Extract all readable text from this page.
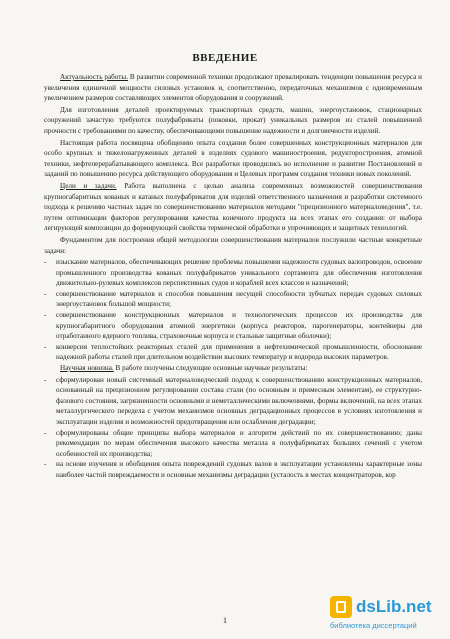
ВВЕДЕНИЕ

Актуальность работы. В развитии современной техники продолжают превалировать тенденции повышения ресурса и увеличения единичной мощности силовых установок и, соответственно, передаточных механизмов с одновременным увеличением размеров составляющих элементов оборудования и сооружений.

Для изготовления деталей проектируемых транспортных средств, машин, энергоустановок, стационарных сооружений зачастую требуются полуфабрикаты (поковки, прокат) уникальных размеров из сталей повышенной прочности с требованиями по качеству, обеспечивающими повышение надежности и долговечности изделий.

Настоящая работа посвящена обобщению опыта создания более совершенных конструкционных материалов для особо крупных и тяжелонагруженных деталей в изделиях судового машиностроения, редукторостроения, атомной техники, нефтеперерабатывающего комплекса. Все разработки проводились во исполнение и развитие Постановлений и заданий по повышению ресурса действующего оборудования и Целевых программ создания техники новых поколений.

Цели и задачи. Работа выполнена с целью анализа современных возможностей совершенствования крупногабаритных кованых и катаных полуфабрикатов для изделий ответственного назначения и разработки системного подхода к решению частных задач по совершенствованию материалов методами "прецизионного материаловедения", т.е. путем оптимизации факторов регулирования качества конечного продукта на всех этапах его создания: от выбора легирующей композиции до формирующей свойства термической обработки и упрочняющих и защитных технологий.

Фундаментом для построения общей методологии совершенствования материалов послужили частные конкретные задачи:

- изыскание материалов, обеспечивающих решение проблемы повышения надежности судовых валопроводов, освоение промышленного производства кованых полуфабрикатов уникального сортамента для обеспечения изготовления движительно-рулевых комплексов перспективных судов и кораблей всех классов и назначений;
- совершенствование материалов и способов повышения несущей способности зубчатых передач судовых силовых энергоустановок большой мощности;
- совершенствование конструкционных материалов и технологических процессов их производства для крупногабаритного оборудования атомной энергетики (корпуса реакторов, парогенераторы, контейнеры для отработанного ядерного топлива, страховочные корпуса и стальные защитные оболочки);
- конверсия теплостойких реакторных сталей для применения в нефтехимической промышленности, обоснование надежной работы сталей при длительном воздействии высоких температур и водорода высоких параметров.

Научная новизна. В работе получены следующие основные научные результаты:

- сформулирован новый системный материаловедческий подход к совершенствованию конструкционных материалов, основанный на прецизионном регулировании состава стали (по основным и примесным элементам), ее структурно-фазового состояния, загрязненности основными и неметаллическими включениями, формы включений, на всех этапах металлургического передела с учетом механизмов основных деградационных процессов в условиях изготовления и эксплуатации изделия и возможностей предотвращения или ослабления деградации;
- сформулированы общие принципы выбора материалов и алгоритм действий по их совершенствованию; даны рекомендации по мерам обеспечения высокого качества металла в полуфабрикатах больших сечений с учетом особенностей их производства;
- на основе изучения и обобщения опыта повреждений судовых валов в эксплуатации установлены характерные зоны наиболее частой повреждаемости и основные механизмы деградации (усталость в местах концентраторов, кор
1
dsLib.net
библиотека диссертаций
